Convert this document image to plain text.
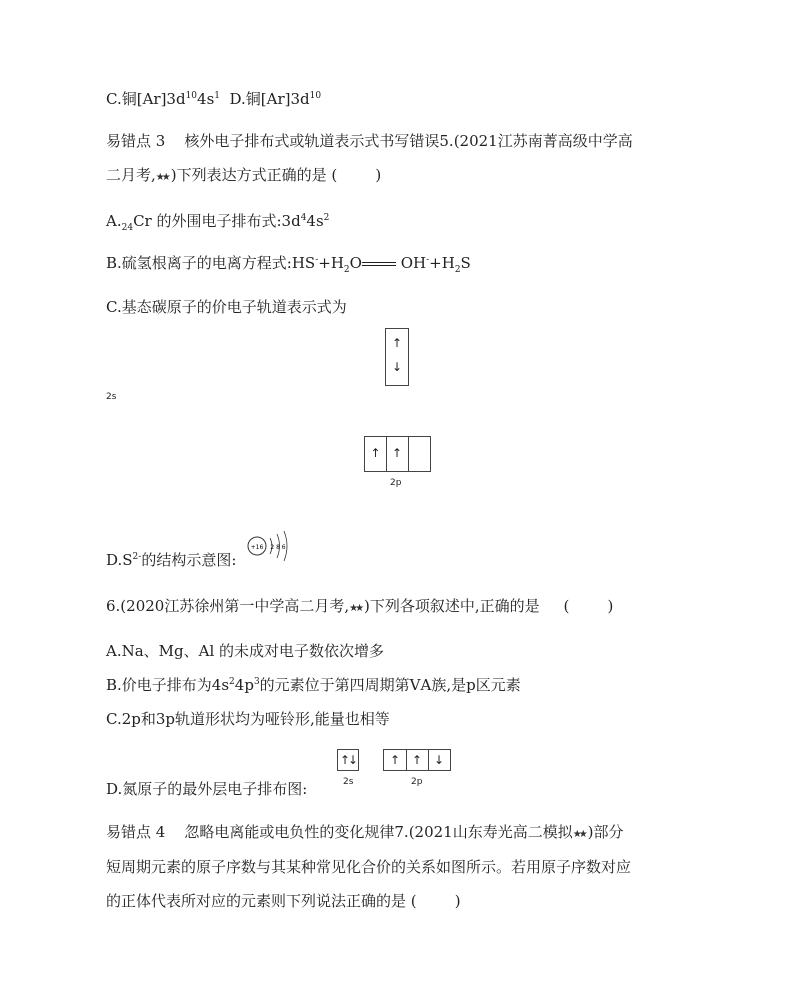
C.铜$[Ar]3d^{10}4s^1$  D.铜$[Ar]3d^{10}$
易错点 3    核外电子排布式或轨道表示式书写错误5.(2021江苏南菁高级中学高
二月考,★★ )下列表达方式正确的是 (        )
$A._{24}Cr$ 的外围电子排布式$:3d^44s^2$
B.硫氢根离子的电离方程式$:HS^-+H_2O$ $OH^-+H_2S$
C.基态碳原子的价电子轨道表示式为
↑
↓
2s
↑ ↑
2p
$D.S^{2-}$的结构示意图:
+16 2 8 6
6.(2020江苏徐州第一中学高二月考,★★ )下列各项叙述中,正确的是     (        )
A.Na、Mg、Al 的未成对电子数依次增多
B.价电子排布为$4s^24p^3$的元素位于第四周期第ⅤA族,是p区元素
C.2p和3p轨道形状均为哑铃形,能量也相等
↑↓
2s
↑ ↑ ↓
2p
D.氮原子的最外层电子排布图:
易错点 4    忽略电离能或电负性的变化规律7.(2021山东寿光高二模拟★★ )部分
短周期元素的原子序数与其某种常见化合价的关系如图所示。若用原子序数对应
的正体代表所对应的元素则下列说法正确的是 (        )
